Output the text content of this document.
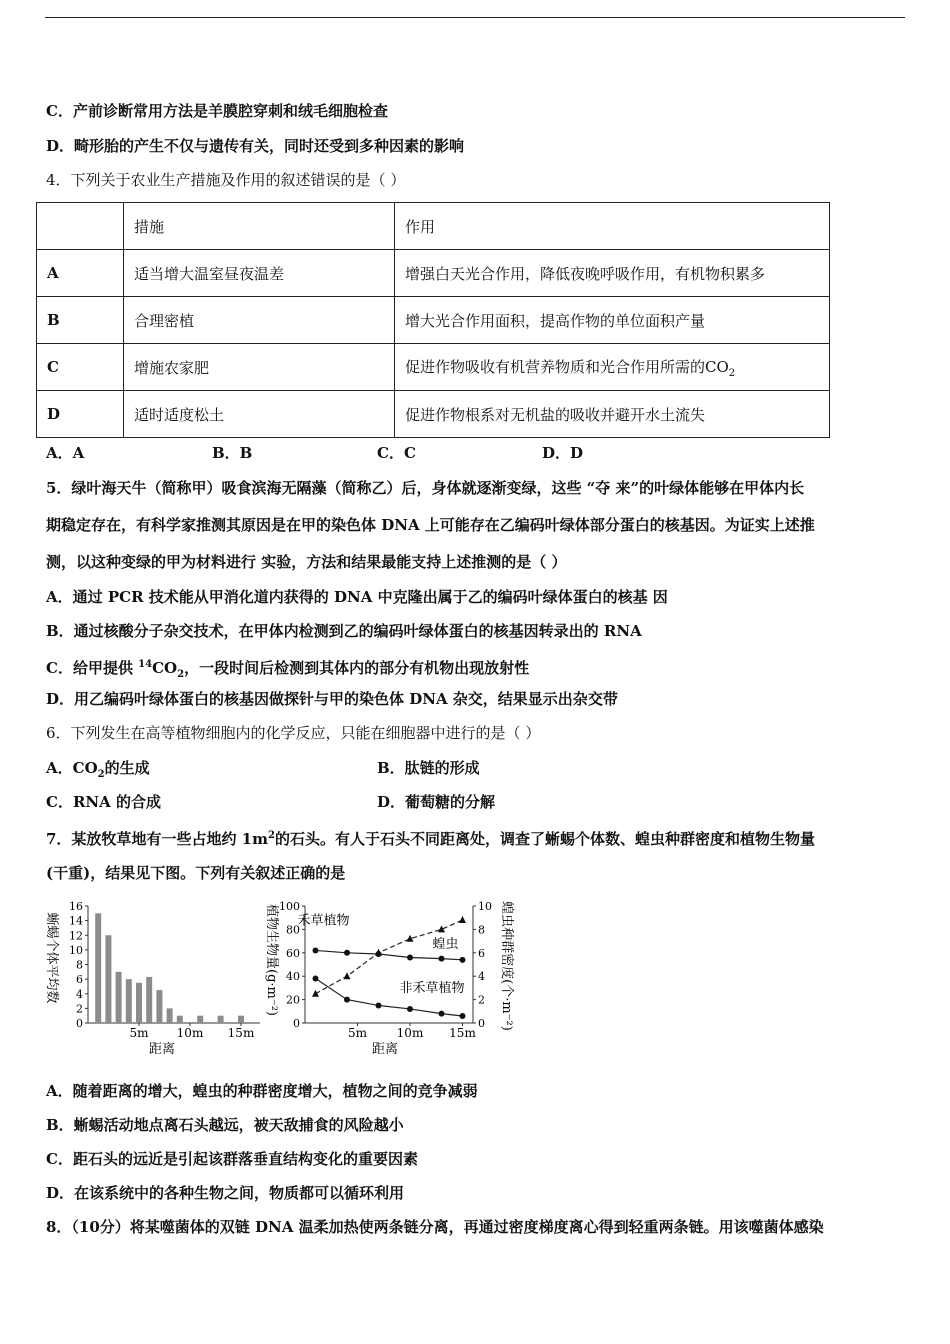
C．产前诊断常用方法是羊膜腔穿刺和绒毛细胞检查
D．畸形胎的产生不仅与遗传有关，同时还受到多种因素的影响
4．下列关于农业生产措施及作用的叙述错误的是（ ）
	措施	作用
A	适当增大温室昼夜温差	增强白天光合作用，降低夜晚呼吸作用，有机物积累多
B	合理密植	增大光合作用面积，提高作物的单位面积产量
C	增施农家肥	促进作物吸收有机营养物质和光合作用所需的$CO_2$
D	适时适度松土	促进作物根系对无机盐的吸收并避开水土流失
A．A	B．B	C．C	D．D
5．绿叶海天牛（简称甲）吸食滨海无隔藻（简称乙）后，身体就逐渐变绿，这些 “夺 来”的叶绿体能够在甲体内长
期稳定存在，有科学家推测其原因是在甲的染色体 DNA 上可能存在乙编码叶绿体部分蛋白的核基因。为证实上述推
测，以这种变绿的甲为材料进行 实验，方法和结果最能支持上述推测的是（ ）
A．通过 PCR 技术能从甲消化道内获得的 DNA 中克隆出属于乙的编码叶绿体蛋白的核基 因
B．通过核酸分子杂交技术，在甲体内检测到乙的编码叶绿体蛋白的核基因转录出的 RNA
C．给甲提供 $^{14}CO_2$，一段时间后检测到其体内的部分有机物出现放射性
D．用乙编码叶绿体蛋白的核基因做探针与甲的染色体 DNA 杂交，结果显示出杂交带
6．下列发生在高等植物细胞内的化学反应，只能在细胞器中进行的是（ ）
A．$CO_2$的生成	B．肽链的形成
C．RNA 的合成	D．葡萄糖的分解
7．某放牧草地有一些占地约 $1m^2$的石头。有人于石头不同距离处，调查了蜥蜴个体数、蝗虫种群密度和植物生物量
(干重)，结果见下图。下列有关叙述正确的是
蜥蜴个体平均数
距离
0
2
4
6
8
10
12
14
16
5m 10m 15m
植物生物量(g·m⁻²)	蝗虫种群密度(个·m⁻²)
距离
0
20
40
60
80
100
0
2
4
6
8
10
5m 10m 15m
禾草植物
非禾草植物
蝗虫
A．随着距离的增大，蝗虫的种群密度增大，植物之间的竞争减弱
B．蜥蜴活动地点离石头越远，被天敌捕食的风险越小
C．距石头的远近是引起该群落垂直结构变化的重要因素
D．在该系统中的各种生物之间，物质都可以循环利用
8．（10分）将某噬菌体的双链 DNA 温柔加热使两条链分离，再通过密度梯度离心得到轻重两条链。用该噬菌体感染
